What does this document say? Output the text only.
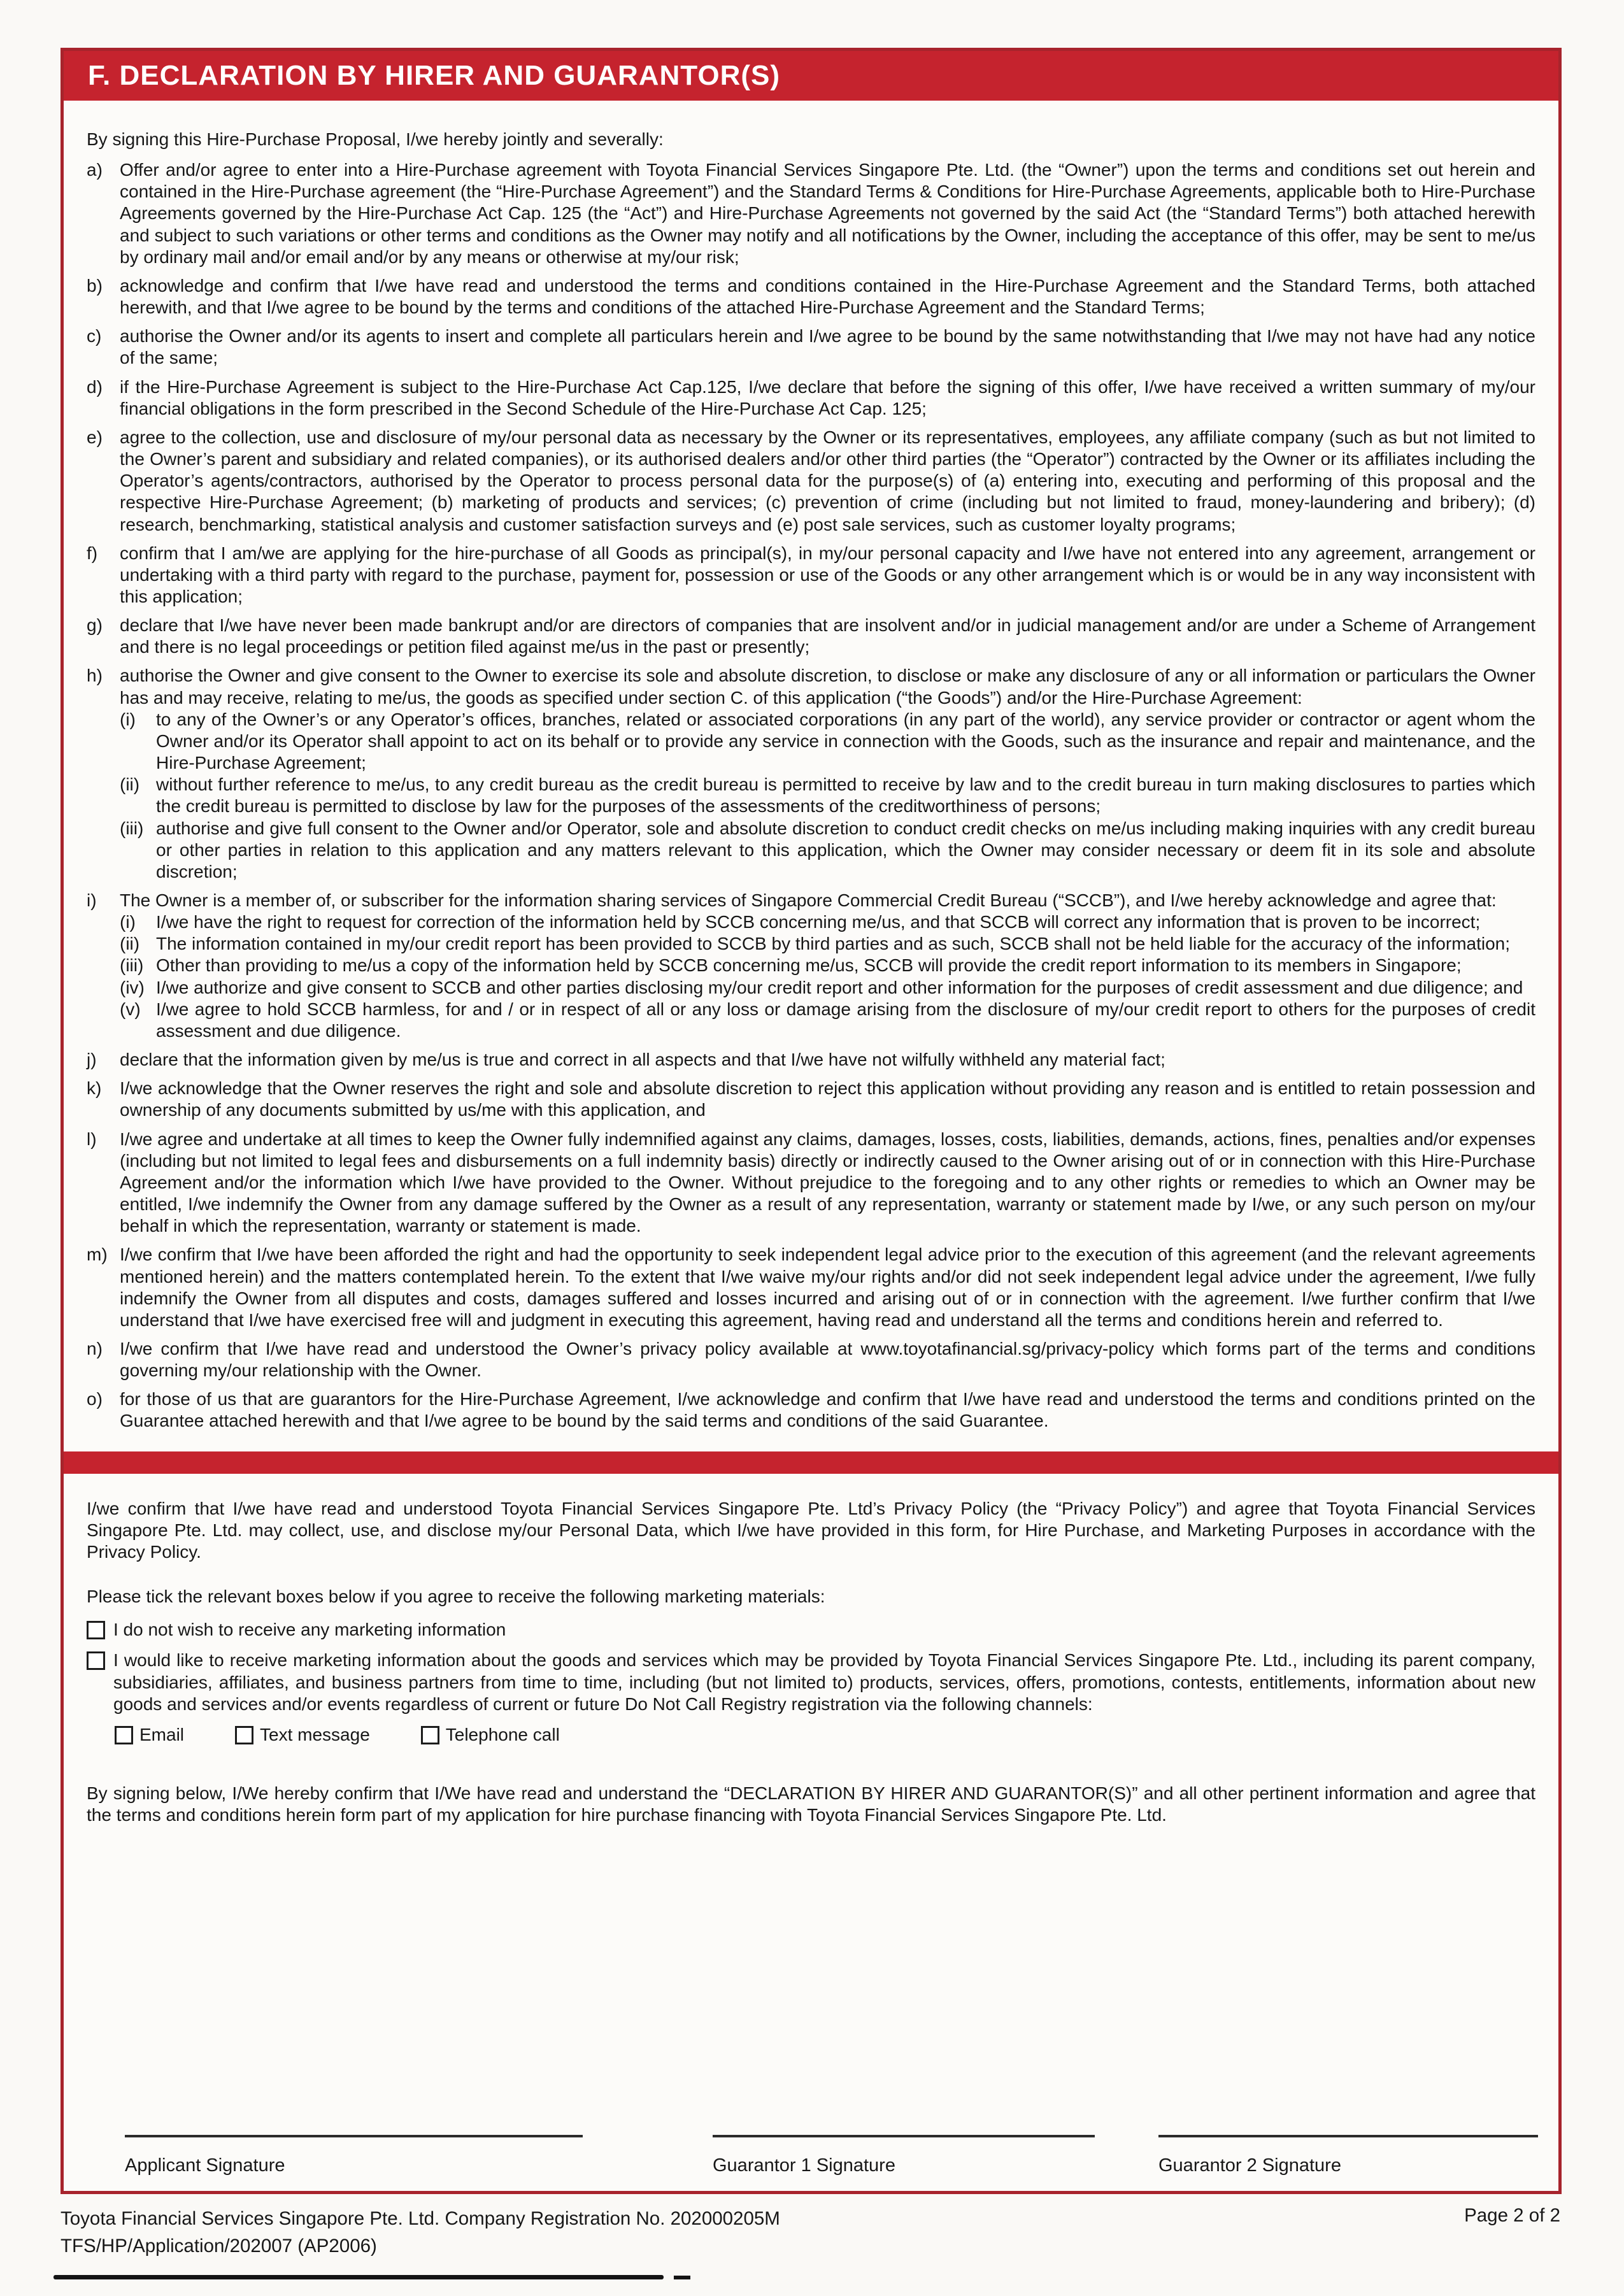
F. DECLARATION BY HIRER AND GUARANTOR(S)
By signing this Hire-Purchase Proposal, I/we hereby jointly and severally:
a) Offer and/or agree to enter into a Hire-Purchase agreement with Toyota Financial Services Singapore Pte. Ltd. (the “Owner”) upon the terms and conditions set out herein and contained in the Hire-Purchase agreement (the “Hire-Purchase Agreement”) and the Standard Terms & Conditions for Hire-Purchase Agreements, applicable both to Hire-Purchase Agreements governed by the Hire-Purchase Act Cap. 125 (the “Act”) and Hire-Purchase Agreements not governed by the said Act (the “Standard Terms”) both attached herewith and subject to such variations or other terms and conditions as the Owner may notify and all notifications by the Owner, including the acceptance of this offer, may be sent to me/us by ordinary mail and/or email and/or by any means or otherwise at my/our risk;
b) acknowledge and confirm that I/we have read and understood the terms and conditions contained in the Hire-Purchase Agreement and the Standard Terms, both attached herewith, and that I/we agree to be bound by the terms and conditions of the attached Hire-Purchase Agreement and the Standard Terms;
c)	authorise the Owner and/or its agents to insert and complete all particulars herein and I/we agree to be bound by the same notwithstanding that I/we may not have had any notice of the same;
d) if the Hire-Purchase Agreement is subject to the Hire-Purchase Act Cap.125, I/we declare that before the signing of this offer, I/we have received a written summary of my/our financial obligations in the form prescribed in the Second Schedule of the Hire-Purchase Act Cap. 125;
e) agree to the collection, use and disclosure of my/our personal data as necessary by the Owner or its representatives, employees, any affiliate company (such as but not limited to the Owner’s parent and subsidiary and related companies), or its authorised dealers and/or other third parties (the “Operator”) contracted by the Owner or its affiliates including the Operator’s agents/contractors, authorised by the Operator to process personal data for the purpose(s) of (a) entering into, executing and performing of this proposal and the respective Hire-Purchase Agreement; (b) marketing of products and services; (c) prevention of crime (including but not limited to fraud, money-laundering and bribery); (d) research, benchmarking, statistical analysis and customer satisfaction surveys and (e) post sale services, such as customer loyalty programs;
f)	confirm that I am/we are applying for the hire-purchase of all Goods as principal(s), in my/our personal capacity and I/we have not entered into any agreement, arrangement or undertaking with a third party with regard to the purchase, payment for, possession or use of the Goods or any other arrangement which is or would be in any way inconsistent with this application;
g) declare that I/we have never been made bankrupt and/or are directors of companies that are insolvent and/or in judicial management and/or are under a Scheme of Arrangement and there is no legal proceedings or petition filed against me/us in the past or presently;
h) authorise the Owner and give consent to the Owner to exercise its sole and absolute discretion, to disclose or make any disclosure of any or all information or particulars the Owner has and may receive, relating to me/us, the goods as specified under section C. of this application (“the Goods”) and/or the Hire-Purchase Agreement:
(i)	to any of the Owner’s or any Operator’s offices, branches, related or associated corporations (in any part of the world), any service provider or contractor or agent whom the Owner and/or its Operator shall appoint to act on its behalf or to provide any service in connection with the Goods, such as the insurance and repair and maintenance, and the Hire-Purchase Agreement;
(ii) without further reference to me/us, to any credit bureau as the credit bureau is permitted to receive by law and to the credit bureau in turn making disclosures to parties which the credit bureau is permitted to disclose by law for the purposes of the assessments of the creditworthiness of persons;
(iii) authorise and give full consent to the Owner and/or Operator, sole and absolute discretion to conduct credit checks on me/us including making inquiries with any credit bureau or other parties in relation to this application and any matters relevant to this application, which the Owner may consider necessary or deem fit in its sole and absolute discretion;
i)	The Owner is a member of, or subscriber for the information sharing services of Singapore Commercial Credit Bureau (“SCCB”), and I/we hereby acknowledge and agree that:
(i)	I/we have the right to request for correction of the information held by SCCB concerning me/us, and that SCCB will correct any information that is proven to be incorrect;
(ii) The information contained in my/our credit report has been provided to SCCB by third parties and as such, SCCB shall not be held liable for the accuracy of the information;
(iii) Other than providing to me/us a copy of the information held by SCCB concerning me/us, SCCB will provide the credit report information to its members in Singapore;
(iv) I/we authorize and give consent to SCCB and other parties disclosing my/our credit report and other information for the purposes of credit assessment and due diligence; and
(v) I/we agree to hold SCCB harmless, for and / or in respect of all or any loss or damage arising from the disclosure of my/our credit report to others for the purposes of credit assessment and due diligence.
j)	declare that the information given by me/us is true and correct in all aspects and that I/we have not wilfully withheld any material fact;
k)	I/we acknowledge that the Owner reserves the right and sole and absolute discretion to reject this application without providing any reason and is entitled to retain possession and ownership of any documents submitted by us/me with this application, and
l)	I/we agree and undertake at all times to keep the Owner fully indemnified against any claims, damages, losses, costs, liabilities, demands, actions, fines, penalties and/or expenses (including but not limited to legal fees and disbursements on a full indemnity basis) directly or indirectly caused to the Owner arising out of or in connection with this Hire-Purchase Agreement and/or the information which I/we have provided to the Owner. Without prejudice to the foregoing and to any other rights or remedies to which an Owner may be entitled, I/we indemnify the Owner from any damage suffered by the Owner as a result of any representation, warranty or statement made by I/we, or any such person on my/our behalf in which the representation, warranty or statement is made.
m) I/we confirm that I/we have been afforded the right and had the opportunity to seek independent legal advice prior to the execution of this agreement (and the relevant agreements mentioned herein) and the matters contemplated herein. To the extent that I/we waive my/our rights and/or did not seek independent legal advice under the agreement, I/we fully indemnify the Owner from all disputes and costs, damages suffered and losses incurred and arising out of or in connection with the agreement. I/we further confirm that I/we understand that I/we have exercised free will and judgment in executing this agreement, having read and understand all the terms and conditions herein and referred to.
n) I/we confirm that I/we have read and understood the Owner’s privacy policy available at www.toyotafinancial.sg/privacy-policy which forms part of the terms and conditions governing my/our relationship with the Owner.
o) for those of us that are guarantors for the Hire-Purchase Agreement, I/we acknowledge and confirm that I/we have read and understood the terms and conditions printed on the Guarantee attached herewith and that I/we agree to be bound by the said terms and conditions of the said Guarantee.
I/we confirm that I/we have read and understood Toyota Financial Services Singapore Pte. Ltd’s Privacy Policy (the “Privacy Policy”) and agree that Toyota Financial Services Singapore Pte. Ltd. may collect, use, and disclose my/our Personal Data, which I/we have provided in this form, for Hire Purchase, and Marketing Purposes in accordance with the Privacy Policy.
Please tick the relevant boxes below if you agree to receive the following marketing materials:
I do not wish to receive any marketing information
I would like to receive marketing information about the goods and services which may be provided by Toyota Financial Services Singapore Pte. Ltd., including its parent company, subsidiaries, affiliates, and business partners from time to time, including (but not limited to) products, services, offers, promotions, contests, entitlements, information about new goods and services and/or events regardless of current or future Do Not Call Registry registration via the following channels:
Email	Text message	Telephone call
By signing below, I/We hereby confirm that I/We have read and understand the “DECLARATION BY HIRER AND GUARANTOR(S)” and all other pertinent information and agree that the terms and conditions herein form part of my application for hire purchase financing with Toyota Financial Services Singapore Pte. Ltd.
Applicant Signature	Guarantor 1 Signature	Guarantor 2 Signature
Toyota Financial Services Singapore Pte. Ltd. Company Registration No. 202000205M
TFS/HP/Application/202007 (AP2006)
Page 2 of 2
